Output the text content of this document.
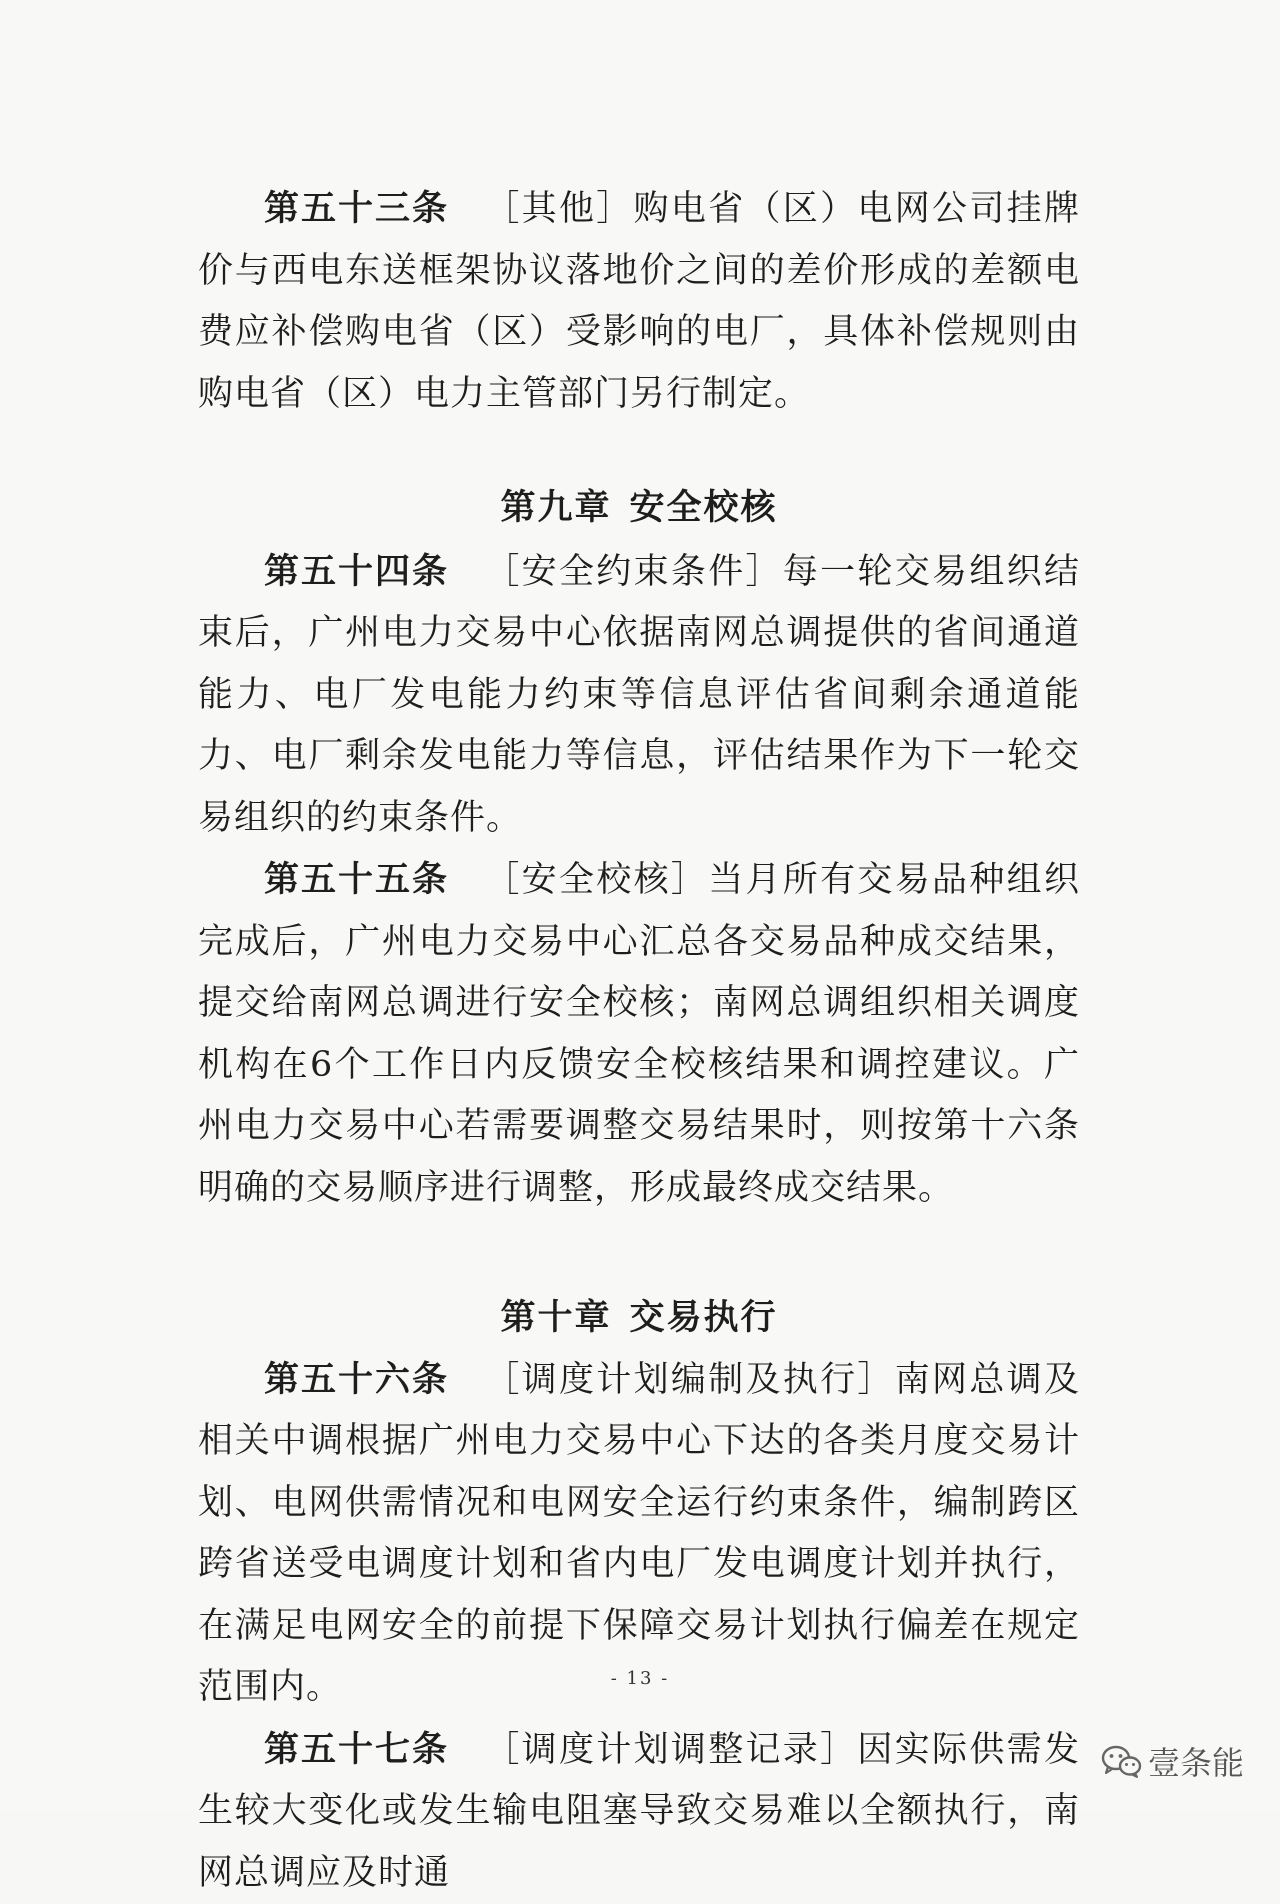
第五十三条 ［其他］购电省（区）电网公司挂牌价与西电东送框架协议落地价之间的差价形成的差额电费应补偿购电省（区）受影响的电厂，具体补偿规则由购电省（区）电力主管部门另行制定。

第九章 安全校核

第五十四条 ［安全约束条件］每一轮交易组织结束后，广州电力交易中心依据南网总调提供的省间通道能力、电厂发电能力约束等信息评估省间剩余通道能力、电厂剩余发电能力等信息，评估结果作为下一轮交易组织的约束条件。

第五十五条 ［安全校核］当月所有交易品种组织完成后，广州电力交易中心汇总各交易品种成交结果，提交给南网总调进行安全校核；南网总调组织相关调度机构在6个工作日内反馈安全校核结果和调控建议。广州电力交易中心若需要调整交易结果时，则按第十六条明确的交易顺序进行调整，形成最终成交结果。

第十章 交易执行

第五十六条 ［调度计划编制及执行］南网总调及相关中调根据广州电力交易中心下达的各类月度交易计划、电网供需情况和电网安全运行约束条件，编制跨区跨省送受电调度计划和省内电厂发电调度计划并执行，在满足电网安全的前提下保障交易计划执行偏差在规定范围内。

第五十七条 ［调度计划调整记录］因实际供需发生较大变化或发生输电阻塞导致交易难以全额执行，南网总调应及时通

- 13 -
壹条能
